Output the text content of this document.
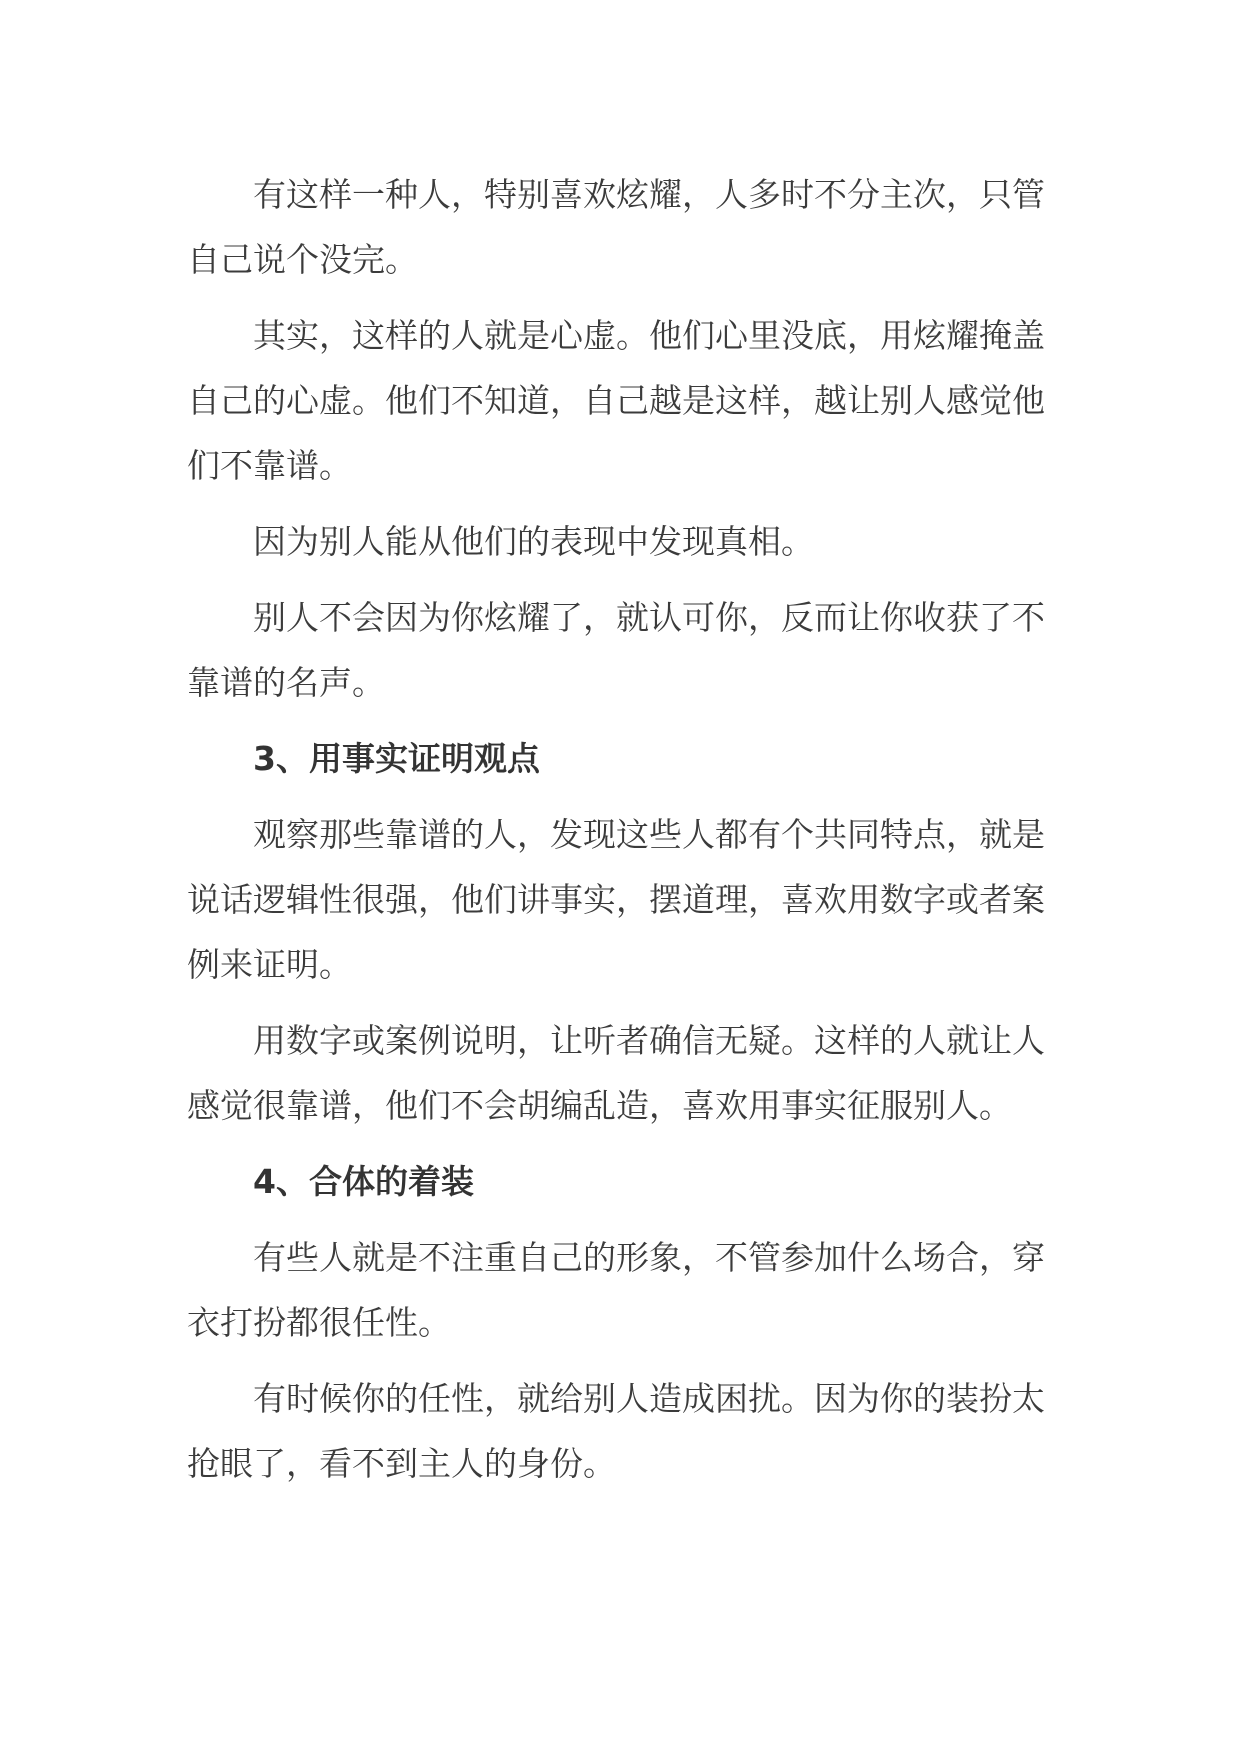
有这样一种人，特别喜欢炫耀，人多时不分主次，只管自己说个没完。

其实，这样的人就是心虚。他们心里没底，用炫耀掩盖自己的心虚。他们不知道，自己越是这样，越让别人感觉他们不靠谱。

因为别人能从他们的表现中发现真相。

别人不会因为你炫耀了，就认可你，反而让你收获了不靠谱的名声。

3、用事实证明观点

观察那些靠谱的人，发现这些人都有个共同特点，就是说话逻辑性很强，他们讲事实，摆道理，喜欢用数字或者案例来证明。

用数字或案例说明，让听者确信无疑。这样的人就让人感觉很靠谱，他们不会胡编乱造，喜欢用事实征服别人。

4、合体的着装

有些人就是不注重自己的形象，不管参加什么场合，穿衣打扮都很任性。

有时候你的任性，就给别人造成困扰。因为你的装扮太抢眼了，看不到主人的身份。
